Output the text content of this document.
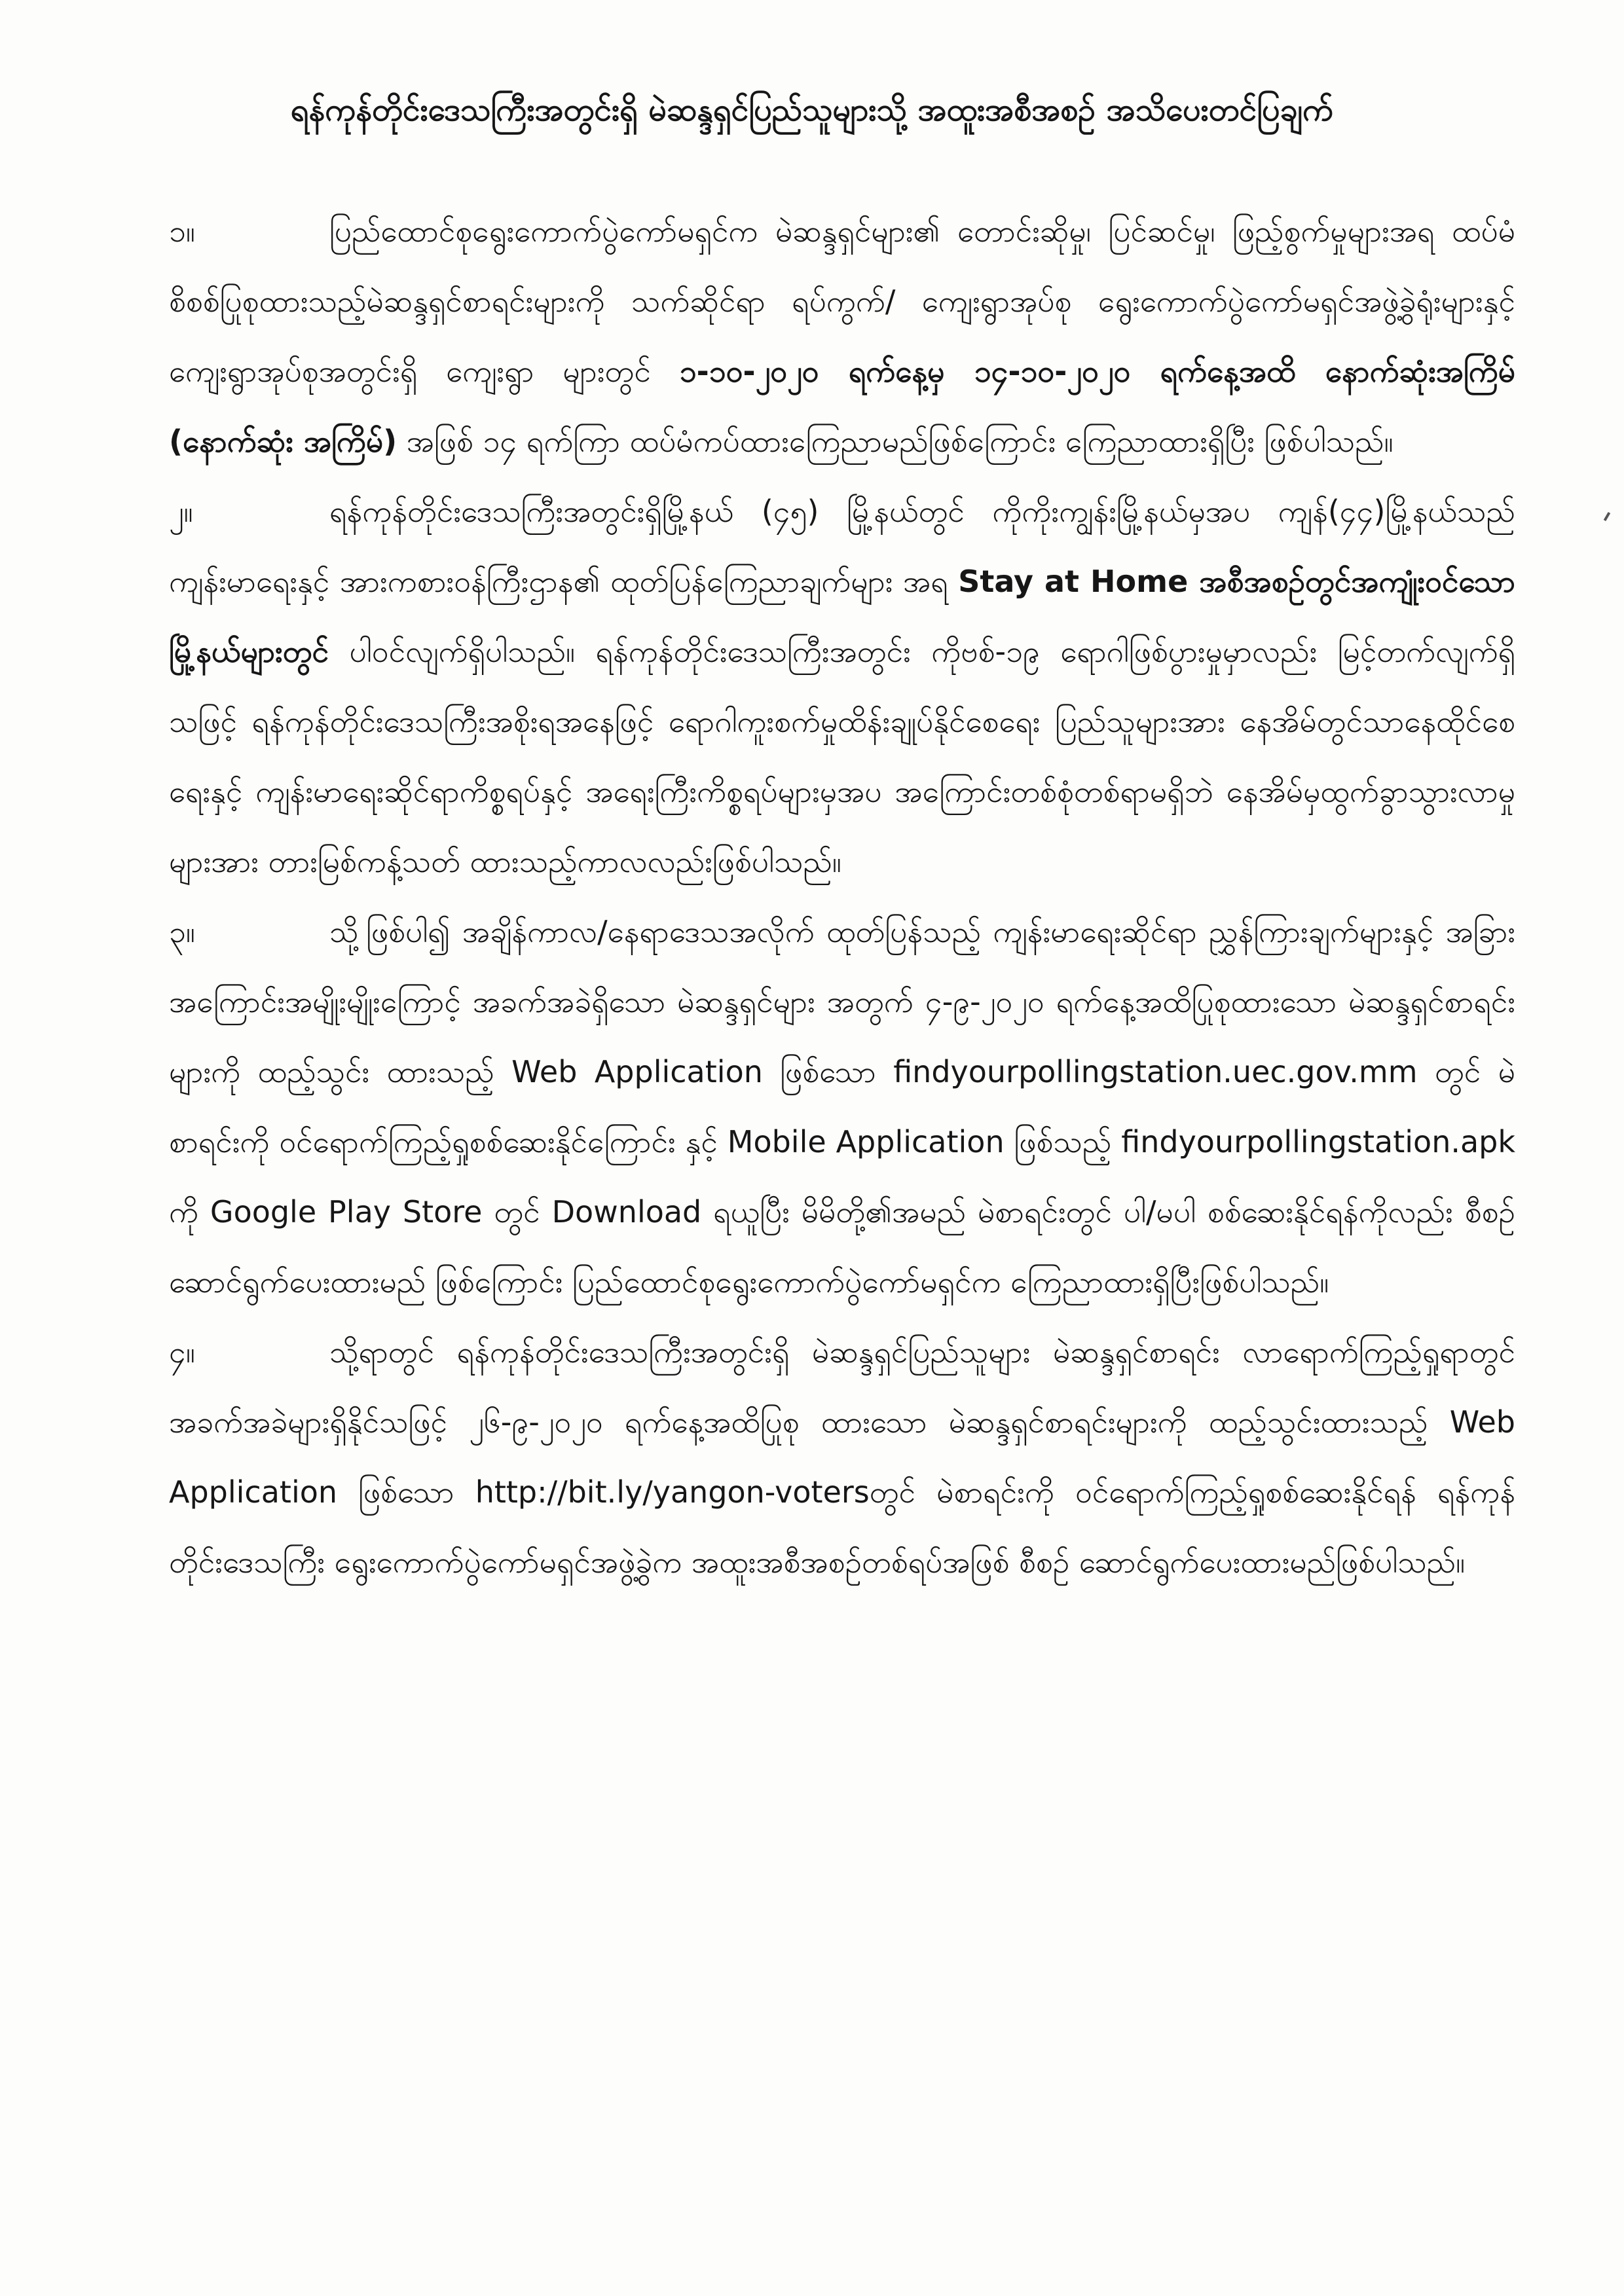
ရန်ကုန်တိုင်းဒေသကြီးအတွင်းရှိ မဲဆန္ဒရှင်ပြည်သူများသို့ အထူးအစီအစဉ် အသိပေးတင်ပြချက်

၁။	ပြည်ထောင်စုရွေးကောက်ပွဲကော်မရှင်က မဲဆန္ဒရှင်များ၏ တောင်းဆိုမှု၊ ပြင်ဆင်မှု၊ ဖြည့်စွက်မှုများအရ ထပ်မံစိစစ်ပြုစုထားသည့်မဲဆန္ဒရှင်စာရင်းများကို သက်ဆိုင်ရာ ရပ်ကွက်/ ကျေးရွာအုပ်စု ရွေးကောက်ပွဲကော်မရှင်အဖွဲ့ခွဲရုံးများနှင့် ကျေးရွာအုပ်စုအတွင်းရှိ ကျေးရွာ များတွင် ၁-၁၀-၂၀၂၀ ရက်နေ့မှ ၁၄-၁၀-၂၀၂၀ ရက်နေ့အထိ နောက်ဆုံးအကြိမ် (နောက်ဆုံး အကြိမ်) အဖြစ် ၁၄ ရက်ကြာ ထပ်မံကပ်ထားကြေညာမည်ဖြစ်ကြောင်း ကြေညာထားရှိပြီး ဖြစ်ပါသည်။

၂။	ရန်ကုန်တိုင်းဒေသကြီးအတွင်းရှိမြို့နယ် (၄၅) မြို့နယ်တွင် ကိုကိုးကျွန်းမြို့နယ်မှအပ ကျန်(၄၄)မြို့နယ်သည် ကျန်းမာရေးနှင့် အားကစားဝန်ကြီးဌာန၏ ထုတ်ပြန်ကြေညာချက်များ အရ Stay at Home အစီအစဉ်တွင်အကျုံးဝင်သောမြို့နယ်များတွင် ပါဝင်လျက်ရှိပါသည်။ ရန်ကုန်တိုင်းဒေသကြီးအတွင်း ကိုဗစ်-၁၉ ရောဂါဖြစ်ပွားမှုမှာလည်း မြင့်တက်လျက်ရှိသဖြင့် ရန်ကုန်တိုင်းဒေသကြီးအစိုးရအနေဖြင့် ရောဂါကူးစက်မှုထိန်းချုပ်နိုင်စေရေး ပြည်သူများအား နေအိမ်တွင်သာနေထိုင်စေရေးနှင့် ကျန်းမာရေးဆိုင်ရာကိစ္စရပ်နှင့် အရေးကြီးကိစ္စရပ်များမှအပ အကြောင်းတစ်စုံတစ်ရာမရှိဘဲ နေအိမ်မှထွက်ခွာသွားလာမှုများအား တားမြစ်ကန့်သတ် ထားသည့်ကာလလည်းဖြစ်ပါသည်။

၃။	သို့ဖြစ်ပါ၍ အချိန်ကာလ/နေရာဒေသအလိုက် ထုတ်ပြန်သည့် ကျန်းမာရေးဆိုင်ရာ ညွှန်ကြားချက်များနှင့် အခြားအကြောင်းအမျိုးမျိုးကြောင့် အခက်အခဲရှိသော မဲဆန္ဒရှင်များ အတွက် ၄-၉-၂၀၂၀ ရက်နေ့အထိပြုစုထားသော မဲဆန္ဒရှင်စာရင်းများကို ထည့်သွင်း ထားသည့် Web Application ဖြစ်သော findyourpollingstation.uec.gov.mm တွင် မဲစာရင်းကို ဝင်ရောက်ကြည့်ရှုစစ်ဆေးနိုင်ကြောင်း နှင့် Mobile Application ဖြစ်သည့် findyourpollingstation.apk ကို Google Play Store တွင် Download ရယူပြီး မိမိတို့၏အမည် မဲစာရင်းတွင် ပါ/မပါ စစ်ဆေးနိုင်ရန်ကိုလည်း စီစဉ်ဆောင်ရွက်ပေးထားမည် ဖြစ်ကြောင်း ပြည်ထောင်စုရွေးကောက်ပွဲကော်မရှင်က ကြေညာထားရှိပြီးဖြစ်ပါသည်။

၄။	သို့ရာတွင် ရန်ကုန်တိုင်းဒေသကြီးအတွင်းရှိ မဲဆန္ဒရှင်ပြည်သူများ မဲဆန္ဒရှင်စာရင်း လာရောက်ကြည့်ရှုရာတွင် အခက်အခဲများရှိနိုင်သဖြင့် ၂၆-၉-၂၀၂၀ ရက်နေ့အထိပြုစု ထားသော မဲဆန္ဒရှင်စာရင်းများကို ထည့်သွင်းထားသည့် Web Application ဖြစ်သော http://bit.ly/yangon-votersတွင် မဲစာရင်းကို ဝင်ရောက်ကြည့်ရှုစစ်ဆေးနိုင်ရန် ရန်ကုန် တိုင်းဒေသကြီး ရွေးကောက်ပွဲကော်မရှင်အဖွဲ့ခွဲက အထူးအစီအစဉ်တစ်ရပ်အဖြစ် စီစဉ် ဆောင်ရွက်ပေးထားမည်ဖြစ်ပါသည်။
